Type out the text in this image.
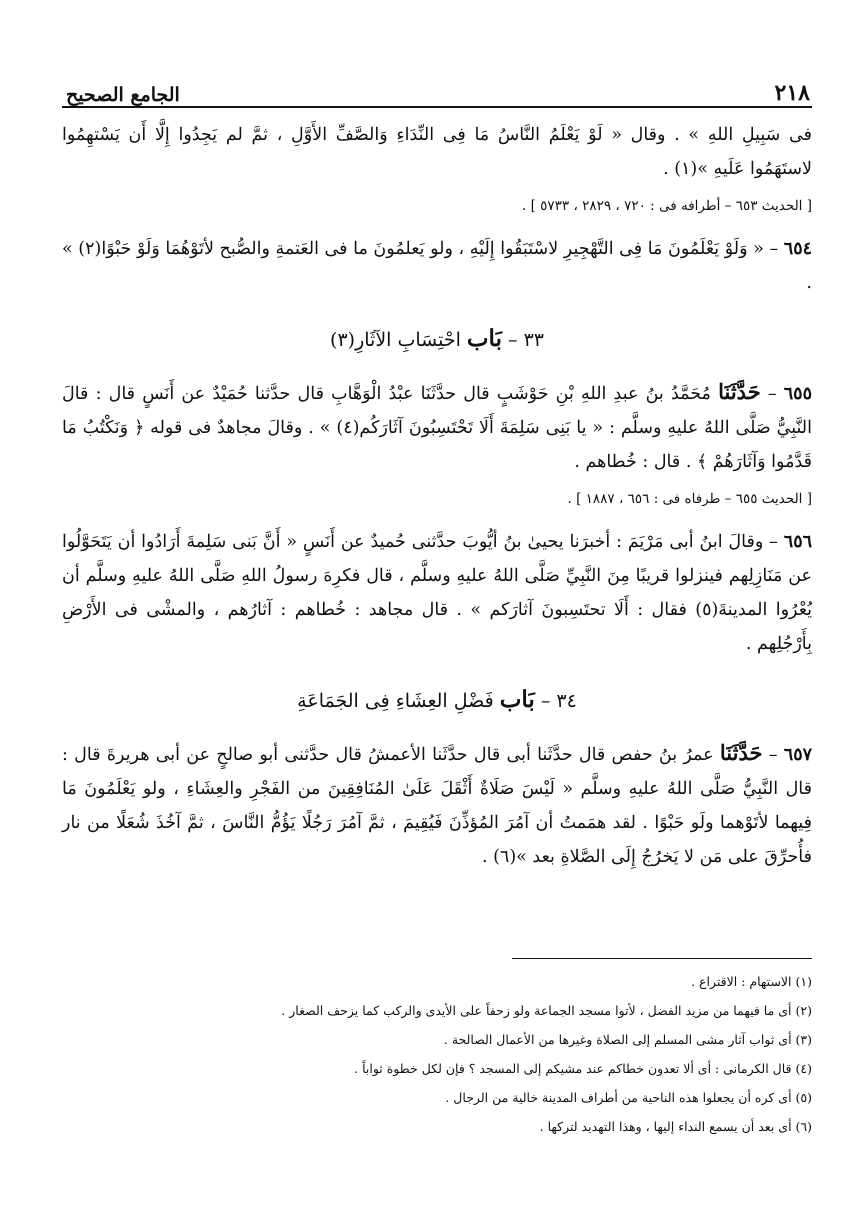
٢١٨
الجامع الصحيح

فى سَبِيلِ اللهِ » . وقال « لَوْ يَعْلَمُ النَّاسُ مَا فِى النِّدَاءِ وَالصَّفِّ الأَوَّلِ ، ثمَّ لم يَجِدُوا إِلَّا أَن يَسْتهِمُوا لاستَهَمُوا عَلَيهِ »(١) .

[ الحديث ٦٥٣ – أطرافه فى : ٧٢٠ ، ٢٨٢٩ ، ٥٧٣٣ ] .

٦٥٤ – « وَلَوْ يَعْلَمُونَ مَا فِى التَّهْجِيرِ لاسْتَبَقُوا إِلَيْهِ ، ولو يَعلمُونَ ما فى العَتمةِ والصُّبح لأتَوْهُمَا وَلَوْ حَبْوًا(٢) » .

٣٣ – بَاب احْتِسَابِ الآثَارِ(٣)

٦٥٥ – حَدَّثَنَا مُحَمَّدُ بنُ عبدِ اللهِ بْنِ حَوْشَبٍ قال حدَّثَنَا عبْدُ الْوَهَّابِ قال حدَّثنا حُمَيْدٌ عن أَنَسٍ قال : قالَ النَّبِيُّ صَلَّى اللهُ عليهِ وسلَّم : « يا بَنِى سَلِمَةَ أَلَا تَحْتَسِبُونَ آثَارَكُم(٤) » . وقالَ مجاهدٌ فى قوله ﴿ وَنَكْتُبُ مَا قَدَّمُوا وَآثَارَهُمْ ﴾ . قال : خُطاهم .

[ الحديث ٦٥٥ – طرفاه فى : ٦٥٦ ، ١٨٨٧ ] .

٦٥٦ – وقالَ ابنُ أبى مَرْيَمَ : أخبرَنا يحيىٰ بنُ أيُّوبَ حدَّثنى حُميدٌ عن أَنَسٍ « أَنَّ بَنى سَلِمةَ أَرَادُوا أن يَتَحَوَّلُوا عن مَنَازِلِهم فينزلوا قريبًا مِنَ النَّبِيِّ صَلَّى اللهُ عليهِ وسلَّم ، قال فكرِهَ رسولُ اللهِ صَلَّى اللهُ عليهِ وسلَّم أن يُعْرُوا المدينةَ(٥) فقال : أَلَا تحتَسِبونَ آثارَكم » . قال مجاهد : خُطاهم : آثارُهم ، والمشْى فى الأَرْضِ بِأَرْجُلِهم .

٣٤ – بَاب فَضْلِ العِشَاءِ فِى الجَمَاعَةِ

٦٥٧ – حَدَّثَنَا عمرُ بنُ حفص قال حدَّثَنا أبى قال حدَّثَنا الأعمشُ قال حدَّثنى أبو صالحٍ عن أبى هريرةَ قال : قال النَّبِيُّ صَلَّى اللهُ عليهِ وسلَّم « لَيْسَ صَلَاةٌ أَثْقَلَ عَلَىٰ المُنَافِقِينَ من الفَجْرِ والعِشَاءِ ، ولو يَعْلَمُونَ مَا فِيهما لأتَوْهما ولَو حَبْوًا . لقد همَمتُ أن آمُرَ المُؤذِّنَ فَيُقِيمَ ، ثمَّ آمُرَ رَجُلًا يَؤُمُّ النَّاسَ ، ثمَّ آخُذَ شُعَلًا من نار فأُحرِّقَ على مَن لا يَخرُجُ إِلَى الصَّلاةِ بعد »(٦) .

(١) الاستهام : الاقتراع .
(٢) أى ما فيهما من مزيد الفضل ، لأتوا مسجد الجماعة ولو زحفاً على الأيدى والركب كما يزحف الصغار .
(٣) أى ثواب آثار مشى المسلم إلى الصلاة وغيرها من الأعمال الصالحة .
(٤) قال الكرمانى : أى ألا تعدون خطاكم عند مشيكم إلى المسجد ؟ فإن لكل خطوة ثواباً .
(٥) أى كره أن يجعلوا هذه الناحية من أطراف المدينة خالية من الرجال .
(٦) أى بعد أن يسمع النداء إليها ، وهذا التهديد لتركها .
